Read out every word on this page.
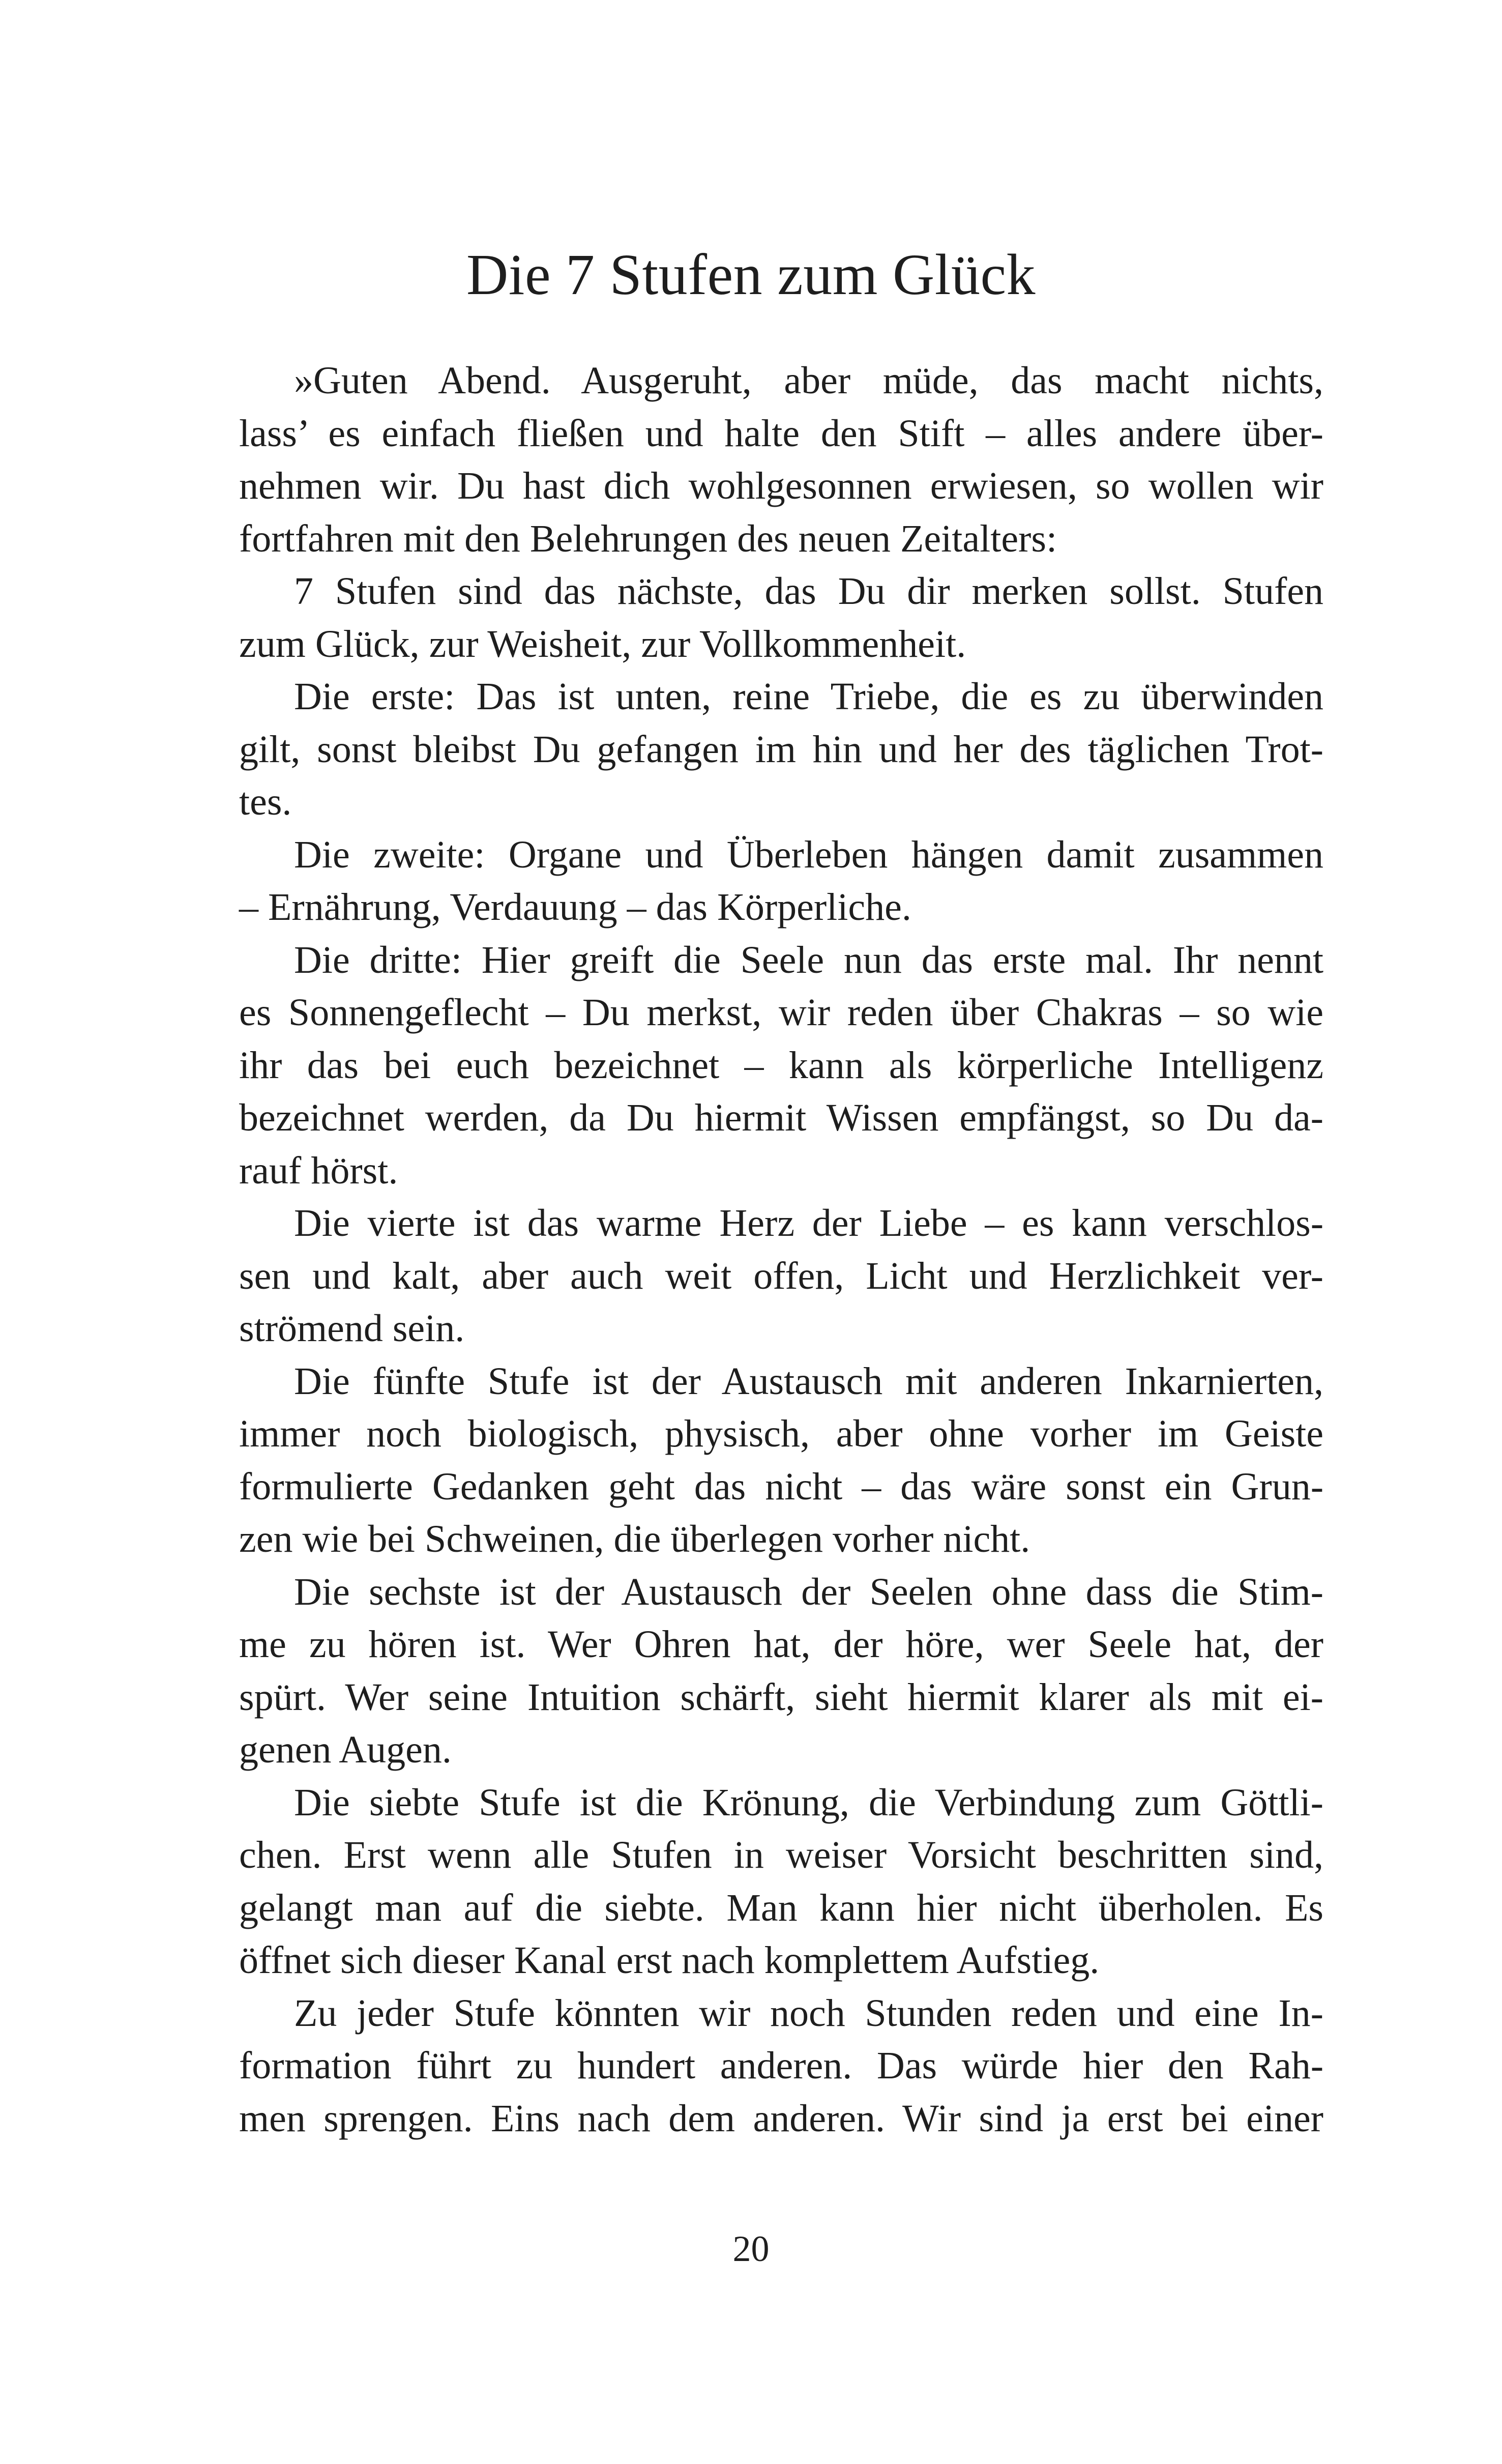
Die 7 Stufen zum Glück
»Guten Abend. Ausgeruht, aber müde, das macht nichts,
lass’ es einfach fließen und halte den Stift – alles andere über-
nehmen wir. Du hast dich wohlgesonnen erwiesen, so wollen wir
fortfahren mit den Belehrungen des neuen Zeitalters:
7 Stufen sind das nächste, das Du dir merken sollst. Stufen
zum Glück, zur Weisheit, zur Vollkommenheit.
Die erste: Das ist unten, reine Triebe, die es zu überwinden
gilt, sonst bleibst Du gefangen im hin und her des täglichen Trot-
tes.
Die zweite: Organe und Überleben hängen damit zusammen
– Ernährung, Verdauung – das Körperliche.
Die dritte: Hier greift die Seele nun das erste mal. Ihr nennt
es Sonnengeflecht – Du merkst, wir reden über Chakras – so wie
ihr das bei euch bezeichnet – kann als körperliche Intelligenz
bezeichnet werden, da Du hiermit Wissen empfängst, so Du da-
rauf hörst.
Die vierte ist das warme Herz der Liebe – es kann verschlos-
sen und kalt, aber auch weit offen, Licht und Herzlichkeit ver-
strömend sein.
Die fünfte Stufe ist der Austausch mit anderen Inkarnierten,
immer noch biologisch, physisch, aber ohne vorher im Geiste
formulierte Gedanken geht das nicht – das wäre sonst ein Grun-
zen wie bei Schweinen, die überlegen vorher nicht.
Die sechste ist der Austausch der Seelen ohne dass die Stim-
me zu hören ist. Wer Ohren hat, der höre, wer Seele hat, der
spürt. Wer seine Intuition schärft, sieht hiermit klarer als mit ei-
genen Augen.
Die siebte Stufe ist die Krönung, die Verbindung zum Göttli-
chen. Erst wenn alle Stufen in weiser Vorsicht beschritten sind,
gelangt man auf die siebte. Man kann hier nicht überholen. Es
öffnet sich dieser Kanal erst nach komplettem Aufstieg.
Zu jeder Stufe könnten wir noch Stunden reden und eine In-
formation führt zu hundert anderen. Das würde hier den Rah-
men sprengen. Eins nach dem anderen. Wir sind ja erst bei einer
20
